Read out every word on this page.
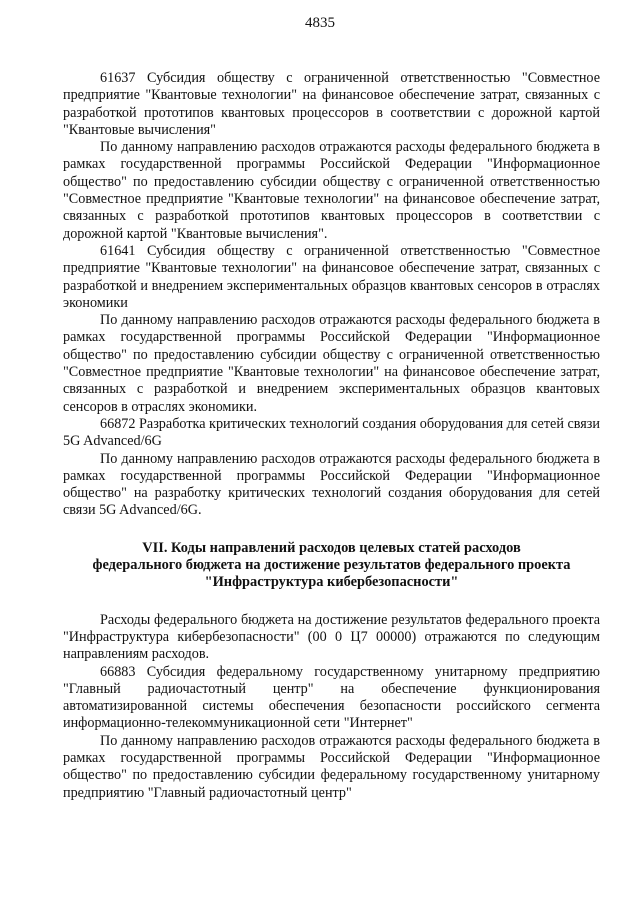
4835

61637 Субсидия обществу с ограниченной ответственностью "Совместное предприятие "Квантовые технологии" на финансовое обеспечение затрат, связанных с разработкой прототипов квантовых процессоров в соответствии с дорожной картой "Квантовые вычисления"

По данному направлению расходов отражаются расходы федерального бюджета в рамках государственной программы Российской Федерации "Информационное общество" по предоставлению субсидии обществу с ограниченной ответственностью "Совместное предприятие "Квантовые технологии" на финансовое обеспечение затрат, связанных с разработкой прототипов квантовых процессоров в соответствии с дорожной картой "Квантовые вычисления".

61641 Субсидия обществу с ограниченной ответственностью "Совместное предприятие "Квантовые технологии" на финансовое обеспечение затрат, связанных с разработкой и внедрением экспериментальных образцов квантовых сенсоров в отраслях экономики

По данному направлению расходов отражаются расходы федерального бюджета в рамках государственной программы Российской Федерации "Информационное общество" по предоставлению субсидии обществу с ограниченной ответственностью "Совместное предприятие "Квантовые технологии" на финансовое обеспечение затрат, связанных с разработкой и внедрением экспериментальных образцов квантовых сенсоров в отраслях экономики.

66872 Разработка критических технологий создания оборудования для сетей связи 5G Advanced/6G

По данному направлению расходов отражаются расходы федерального бюджета в рамках государственной программы Российской Федерации "Информационное общество" на разработку критических технологий создания оборудования для сетей связи 5G Advanced/6G.

VII. Коды направлений расходов целевых статей расходов
федерального бюджета на достижение результатов федерального проекта
"Инфраструктура кибербезопасности"

Расходы федерального бюджета на достижение результатов федерального проекта "Инфраструктура кибербезопасности" (00 0 Ц7 00000) отражаются по следующим направлениям расходов.

66883 Субсидия федеральному государственному унитарному предприятию "Главный радиочастотный центр" на обеспечение функционирования автоматизированной системы обеспечения безопасности российского сегмента информационно-телекоммуникационной сети "Интернет"

По данному направлению расходов отражаются расходы федерального бюджета в рамках государственной программы Российской Федерации "Информационное общество" по предоставлению субсидии федеральному государственному унитарному предприятию "Главный радиочастотный центр"
